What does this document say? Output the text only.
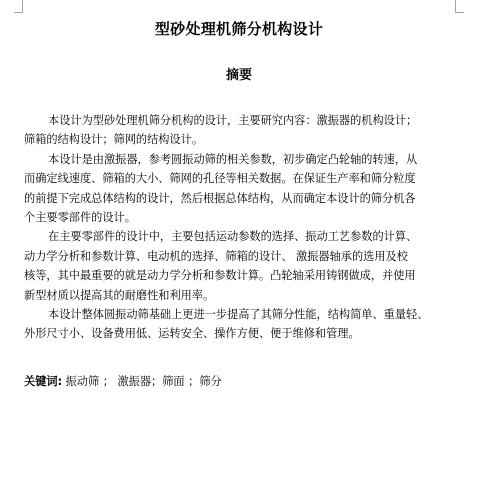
型砂处理机筛分机构设计
摘要
本设计为型砂处理机筛分机构的设计，主要研究内容：激振器的机构设计；
筛箱的结构设计；筛网的结构设计。
本设计是由激振器，参考圆振动筛的相关参数，初步确定凸轮轴的转速，从
而确定线速度、筛箱的大小、筛网的孔径等相关数据。在保证生产率和筛分粒度
的前提下完成总体结构的设计，然后根据总体结构，从而确定本设计的筛分机各
个主要零部件的设计。
在主要零部件的设计中，主要包括运动参数的选择、振动工艺参数的计算、
动力学分析和参数计算、电动机的选择、筛箱的设计、 激振器轴承的选用及校
核等，其中最重要的就是动力学分析和参数计算。凸轮轴采用铸钢做成，并使用
新型材质以提高其的耐磨性和利用率。
本设计整体圆振动筛基础上更进一步提高了其筛分性能，结构简单、重量轻、
外形尺寸小、设备费用低、运转安全、操作方便、便于维修和管理。
关键词: 振动筛 ； 激振器；筛面 ；筛分
